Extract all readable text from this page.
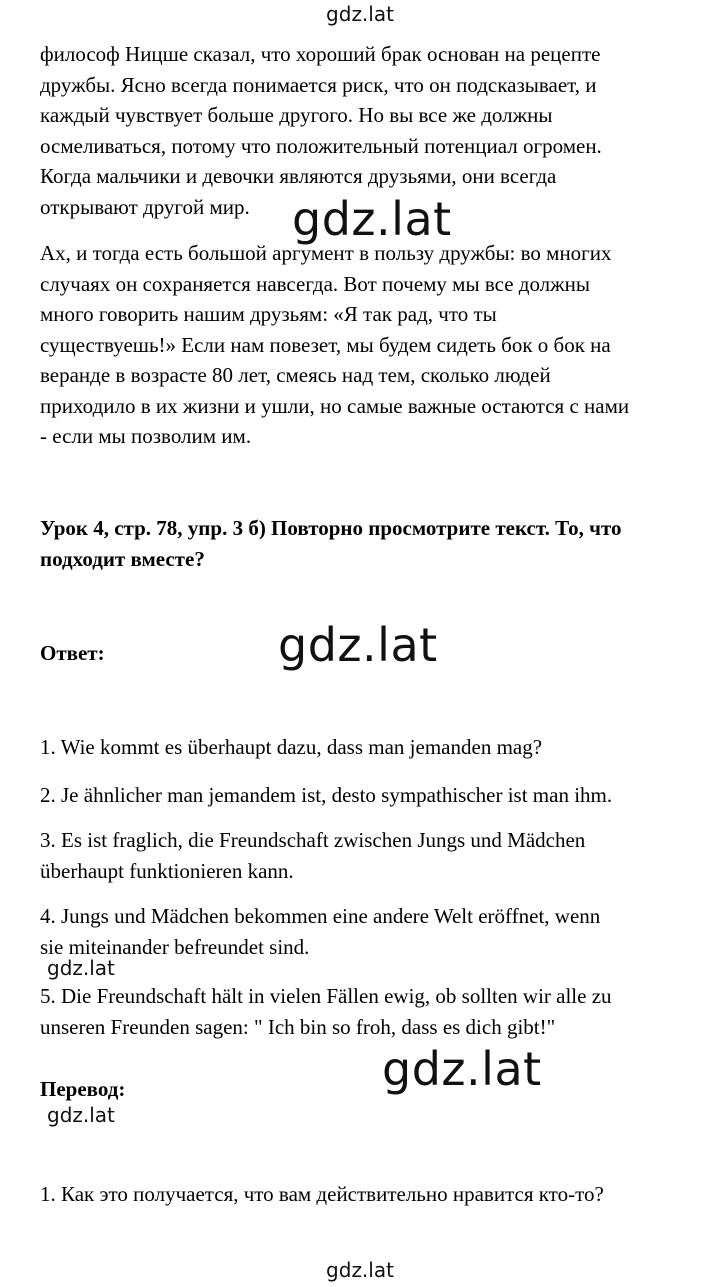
gdz.lat
философ Ницше сказал, что хороший брак основан на рецепте
дружбы. Ясно всегда понимается риск, что он подсказывает, и
каждый чувствует больше другого. Но вы все же должны
осмеливаться, потому что положительный потенциал огромен.
Когда мальчики и девочки являются друзьями, они всегда
открывают другой мир. gdz.lat
Ах, и тогда есть большой аргумент в пользу дружбы: во многих
случаях он сохраняется навсегда. Вот почему мы все должны
много говорить нашим друзьям: «Я так рад, что ты
существуешь!» Если нам повезет, мы будем сидеть бок о бок на
веранде в возрасте 80 лет, смеясь над тем, сколько людей
приходило в их жизни и ушли, но самые важные остаются с нами
- если мы позволим им.
Урок 4, стр. 78, упр. 3 б) Повторно просмотрите текст. То, что
подходит вместе?
Ответ:	gdz.lat
1. Wie kommt es überhaupt dazu, dass man jemanden mag?
2. Je ähnlicher man jemandem ist, desto sympathischer ist man ihm.
3. Es ist fraglich, die Freundschaft zwischen Jungs und Mädchen
überhaupt funktionieren kann.
4. Jungs und Mädchen bekommen eine andere Welt eröffnet, wenn
sie miteinander befreundet sind.
gdz.lat
5. Die Freundschaft hält in vielen Fällen ewig, ob sollten wir alle zu
unseren Freunden sagen: " Ich bin so froh, dass es dich gibt!"
gdz.lat
Перевод:
gdz.lat
1. Как это получается, что вам действительно нравится кто-то?
gdz.lat
